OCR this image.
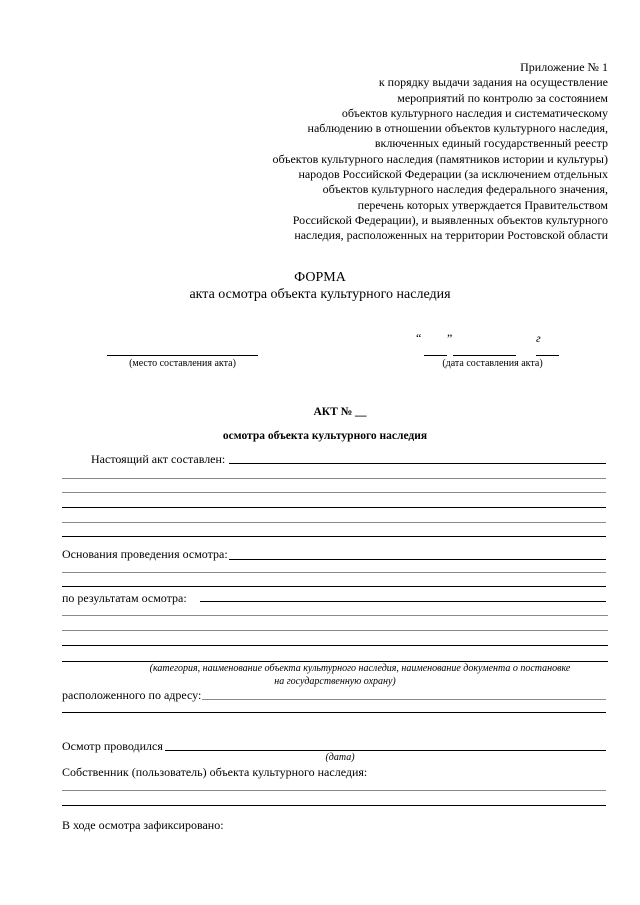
Приложение № 1
к порядку выдачи задания на осуществление
мероприятий по контролю за состоянием
объектов культурного наследия и систематическому
наблюдению в отношении объектов культурного наследия,
включенных единый государственный реестр
объектов культурного наследия (памятников истории и культуры)
народов Российской Федерации (за исключением отдельных
объектов культурного наследия федерального значения,
перечень которых утверждается Правительством
Российской Федерации), и выявленных объектов культурного
наследия, расположенных на территории Ростовской области
ФОРМА
акта осмотра объекта культурного наследия
(место составления акта)
“ ”	г
(дата составления акта)
АКТ № __
осмотра объекта культурного наследия
Настоящий акт составлен:
Основания проведения осмотра:
по результатам осмотра:
(категория, наименование объекта культурного наследия, наименование документа о постановке
на государственную охрану)
расположенного по адресу:
Осмотр проводился
(дата)
Собственник (пользователь) объекта культурного наследия:
В ходе осмотра зафиксировано:
